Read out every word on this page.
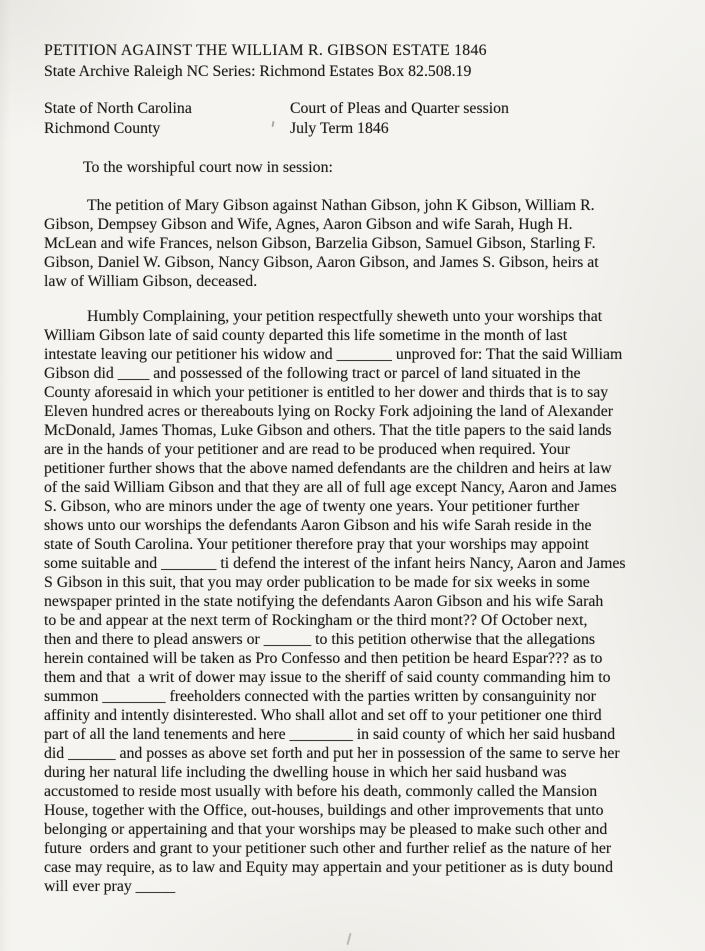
PETITION AGAINST THE WILLIAM R. GIBSON ESTATE 1846
State Archive Raleigh NC Series: Richmond Estates Box 82.508.19
State of North Carolina
Richmond County
Court of Pleas and Quarter session
July Term 1846
To the worshipful court now in session:
The petition of Mary Gibson against Nathan Gibson, john K Gibson, William R.
Gibson, Dempsey Gibson and Wife, Agnes, Aaron Gibson and wife Sarah, Hugh H.
McLean and wife Frances, nelson Gibson, Barzelia Gibson, Samuel Gibson, Starling F.
Gibson, Daniel W. Gibson, Nancy Gibson, Aaron Gibson, and James S. Gibson, heirs at
law of William Gibson, deceased.
Humbly Complaining, your petition respectfully sheweth unto your worships that
William Gibson late of said county departed this life sometime in the month of last
intestate leaving our petitioner his widow and _______ unproved for: That the said William
Gibson did ____ and possessed of the following tract or parcel of land situated in the
County aforesaid in which your petitioner is entitled to her dower and thirds that is to say
Eleven hundred acres or thereabouts lying on Rocky Fork adjoining the land of Alexander
McDonald, James Thomas, Luke Gibson and others. That the title papers to the said lands
are in the hands of your petitioner and are read to be produced when required. Your
petitioner further shows that the above named defendants are the children and heirs at law
of the said William Gibson and that they are all of full age except Nancy, Aaron and James
S. Gibson, who are minors under the age of twenty one years. Your petitioner further
shows unto our worships the defendants Aaron Gibson and his wife Sarah reside in the
state of South Carolina. Your petitioner therefore pray that your worships may appoint
some suitable and _______ ti defend the interest of the infant heirs Nancy, Aaron and James
S Gibson in this suit, that you may order publication to be made for six weeks in some
newspaper printed in the state notifying the defendants Aaron Gibson and his wife Sarah
to be and appear at the next term of Rockingham or the third mont?? Of October next,
then and there to plead answers or ______ to this petition otherwise that the allegations
herein contained will be taken as Pro Confesso and then petition be heard Espar??? as to
them and that  a writ of dower may issue to the sheriff of said county commanding him to
summon ________ freeholders connected with the parties written by consanguinity nor
affinity and intently disinterested. Who shall allot and set off to your petitioner one third
part of all the land tenements and here ________ in said county of which her said husband
did ______ and posses as above set forth and put her in possession of the same to serve her
during her natural life including the dwelling house in which her said husband was
accustomed to reside most usually with before his death, commonly called the Mansion
House, together with the Office, out-houses, buildings and other improvements that unto
belonging or appertaining and that your worships may be pleased to make such other and
future  orders and grant to your petitioner such other and further relief as the nature of her
case may require, as to law and Equity may appertain and your petitioner as is duty bound
will ever pray _____
